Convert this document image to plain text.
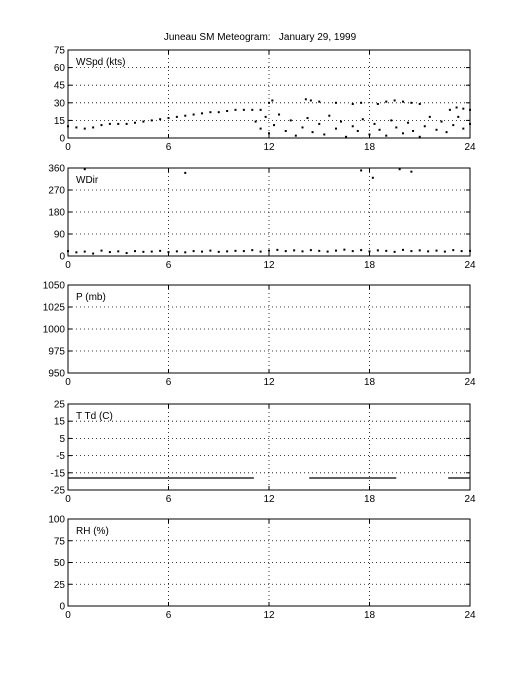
Juneau SM Meteogram:   January 29, 1999
0	6	12	18	24
0
15
30
45
60
75
WSpd (kts)
0	6	12	18	24
0
90
180
270
360
WDir
0	6	12	18	24
950
975
1000
1025
1050
P (mb)
0	6	12	18	24
-25
-15
-5
5
15
25
T Td (C)
0	6	12	18	24
0
25
50
75
100
RH (%)
